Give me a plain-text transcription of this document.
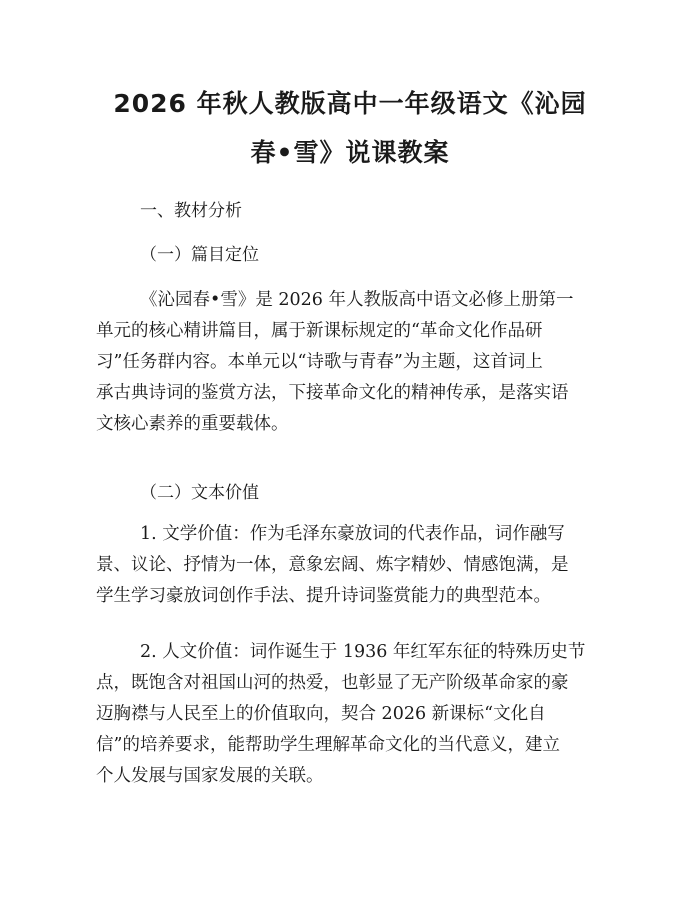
2026 年秋人教版高中一年级语文《沁园
春•雪》说课教案
一、教材分析
（一）篇目定位
《沁园春•雪》是 2026 年人教版高中语文必修上册第一
单元的核心精讲篇目，属于新课标规定的“革命文化作品研
习”任务群内容。本单元以“诗歌与青春”为主题，这首词上
承古典诗词的鉴赏方法，下接革命文化的精神传承，是落实语
文核心素养的重要载体。
（二）文本价值
1. 文学价值：作为毛泽东豪放词的代表作品，词作融写
景、议论、抒情为一体，意象宏阔、炼字精妙、情感饱满，是
学生学习豪放词创作手法、提升诗词鉴赏能力的典型范本。
2. 人文价值：词作诞生于 1936 年红军东征的特殊历史节
点，既饱含对祖国山河的热爱，也彰显了无产阶级革命家的豪
迈胸襟与人民至上的价值取向，契合 2026 新课标“文化自
信”的培养要求，能帮助学生理解革命文化的当代意义，建立
个人发展与国家发展的关联。
